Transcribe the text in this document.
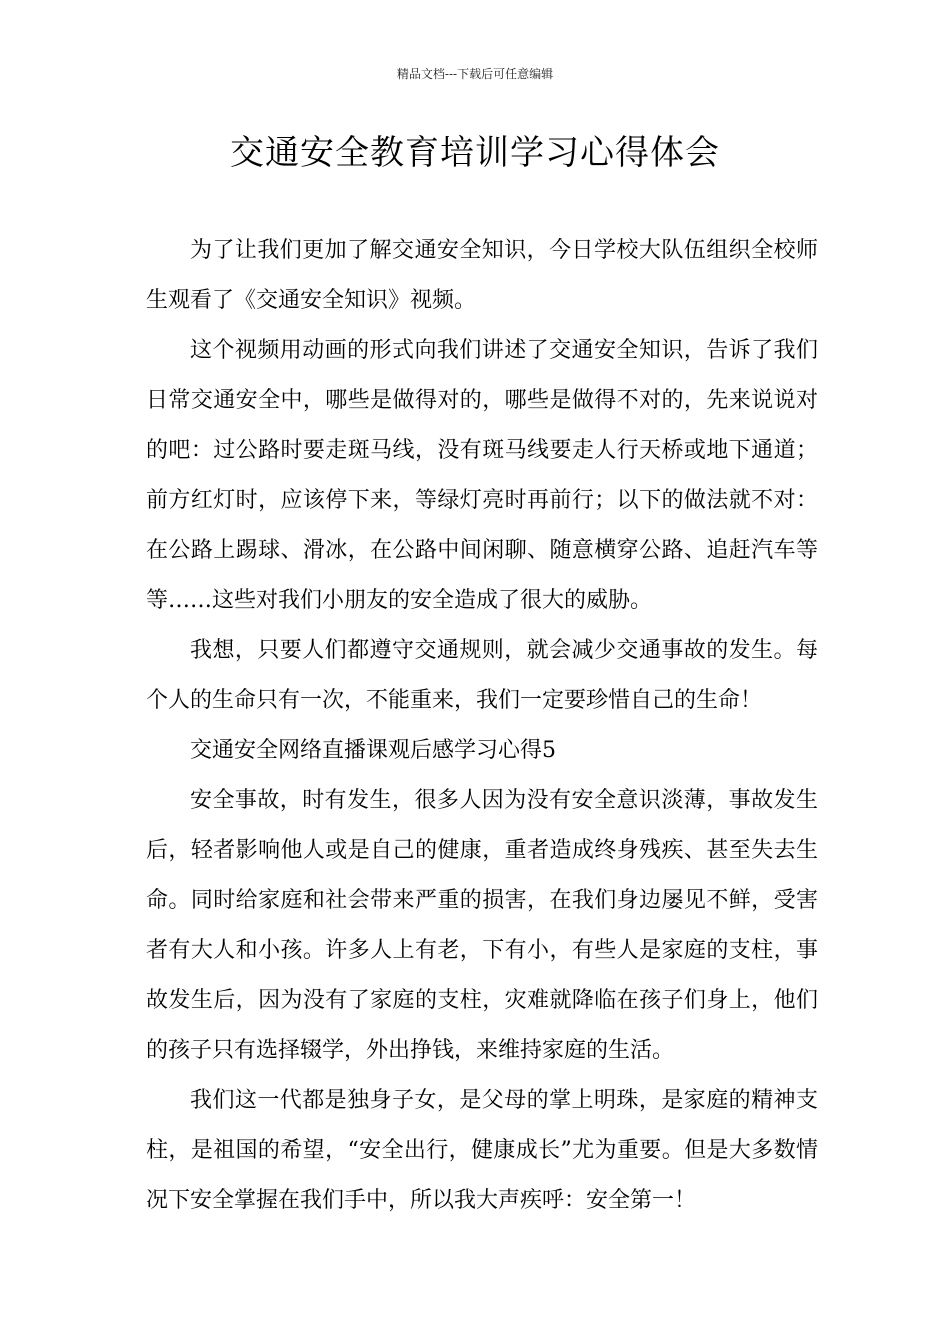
精品文档---下载后可任意编辑
交通安全教育培训学习心得体会

为了让我们更加了解交通安全知识，今日学校大队伍组织全校师生观看了《交通安全知识》视频。

这个视频用动画的形式向我们讲述了交通安全知识，告诉了我们日常交通安全中，哪些是做得对的，哪些是做得不对的，先来说说对的吧：过公路时要走斑马线，没有斑马线要走人行天桥或地下通道；前方红灯时，应该停下来，等绿灯亮时再前行；以下的做法就不对：在公路上踢球、滑冰，在公路中间闲聊、随意横穿公路、追赶汽车等等……这些对我们小朋友的安全造成了很大的威胁。

我想，只要人们都遵守交通规则，就会减少交通事故的发生。每个人的生命只有一次，不能重来，我们一定要珍惜自己的生命！

交通安全网络直播课观后感学习心得5

安全事故，时有发生，很多人因为没有安全意识淡薄，事故发生后，轻者影响他人或是自己的健康，重者造成终身残疾、甚至失去生命。同时给家庭和社会带来严重的损害，在我们身边屡见不鲜，受害者有大人和小孩。许多人上有老，下有小，有些人是家庭的支柱，事故发生后，因为没有了家庭的支柱，灾难就降临在孩子们身上，他们的孩子只有选择辍学，外出挣钱，来维持家庭的生活。

我们这一代都是独身子女，是父母的掌上明珠，是家庭的精神支柱，是祖国的希望，“安全出行，健康成长”尤为重要。但是大多数情况下安全掌握在我们手中，所以我大声疾呼：安全第一！
